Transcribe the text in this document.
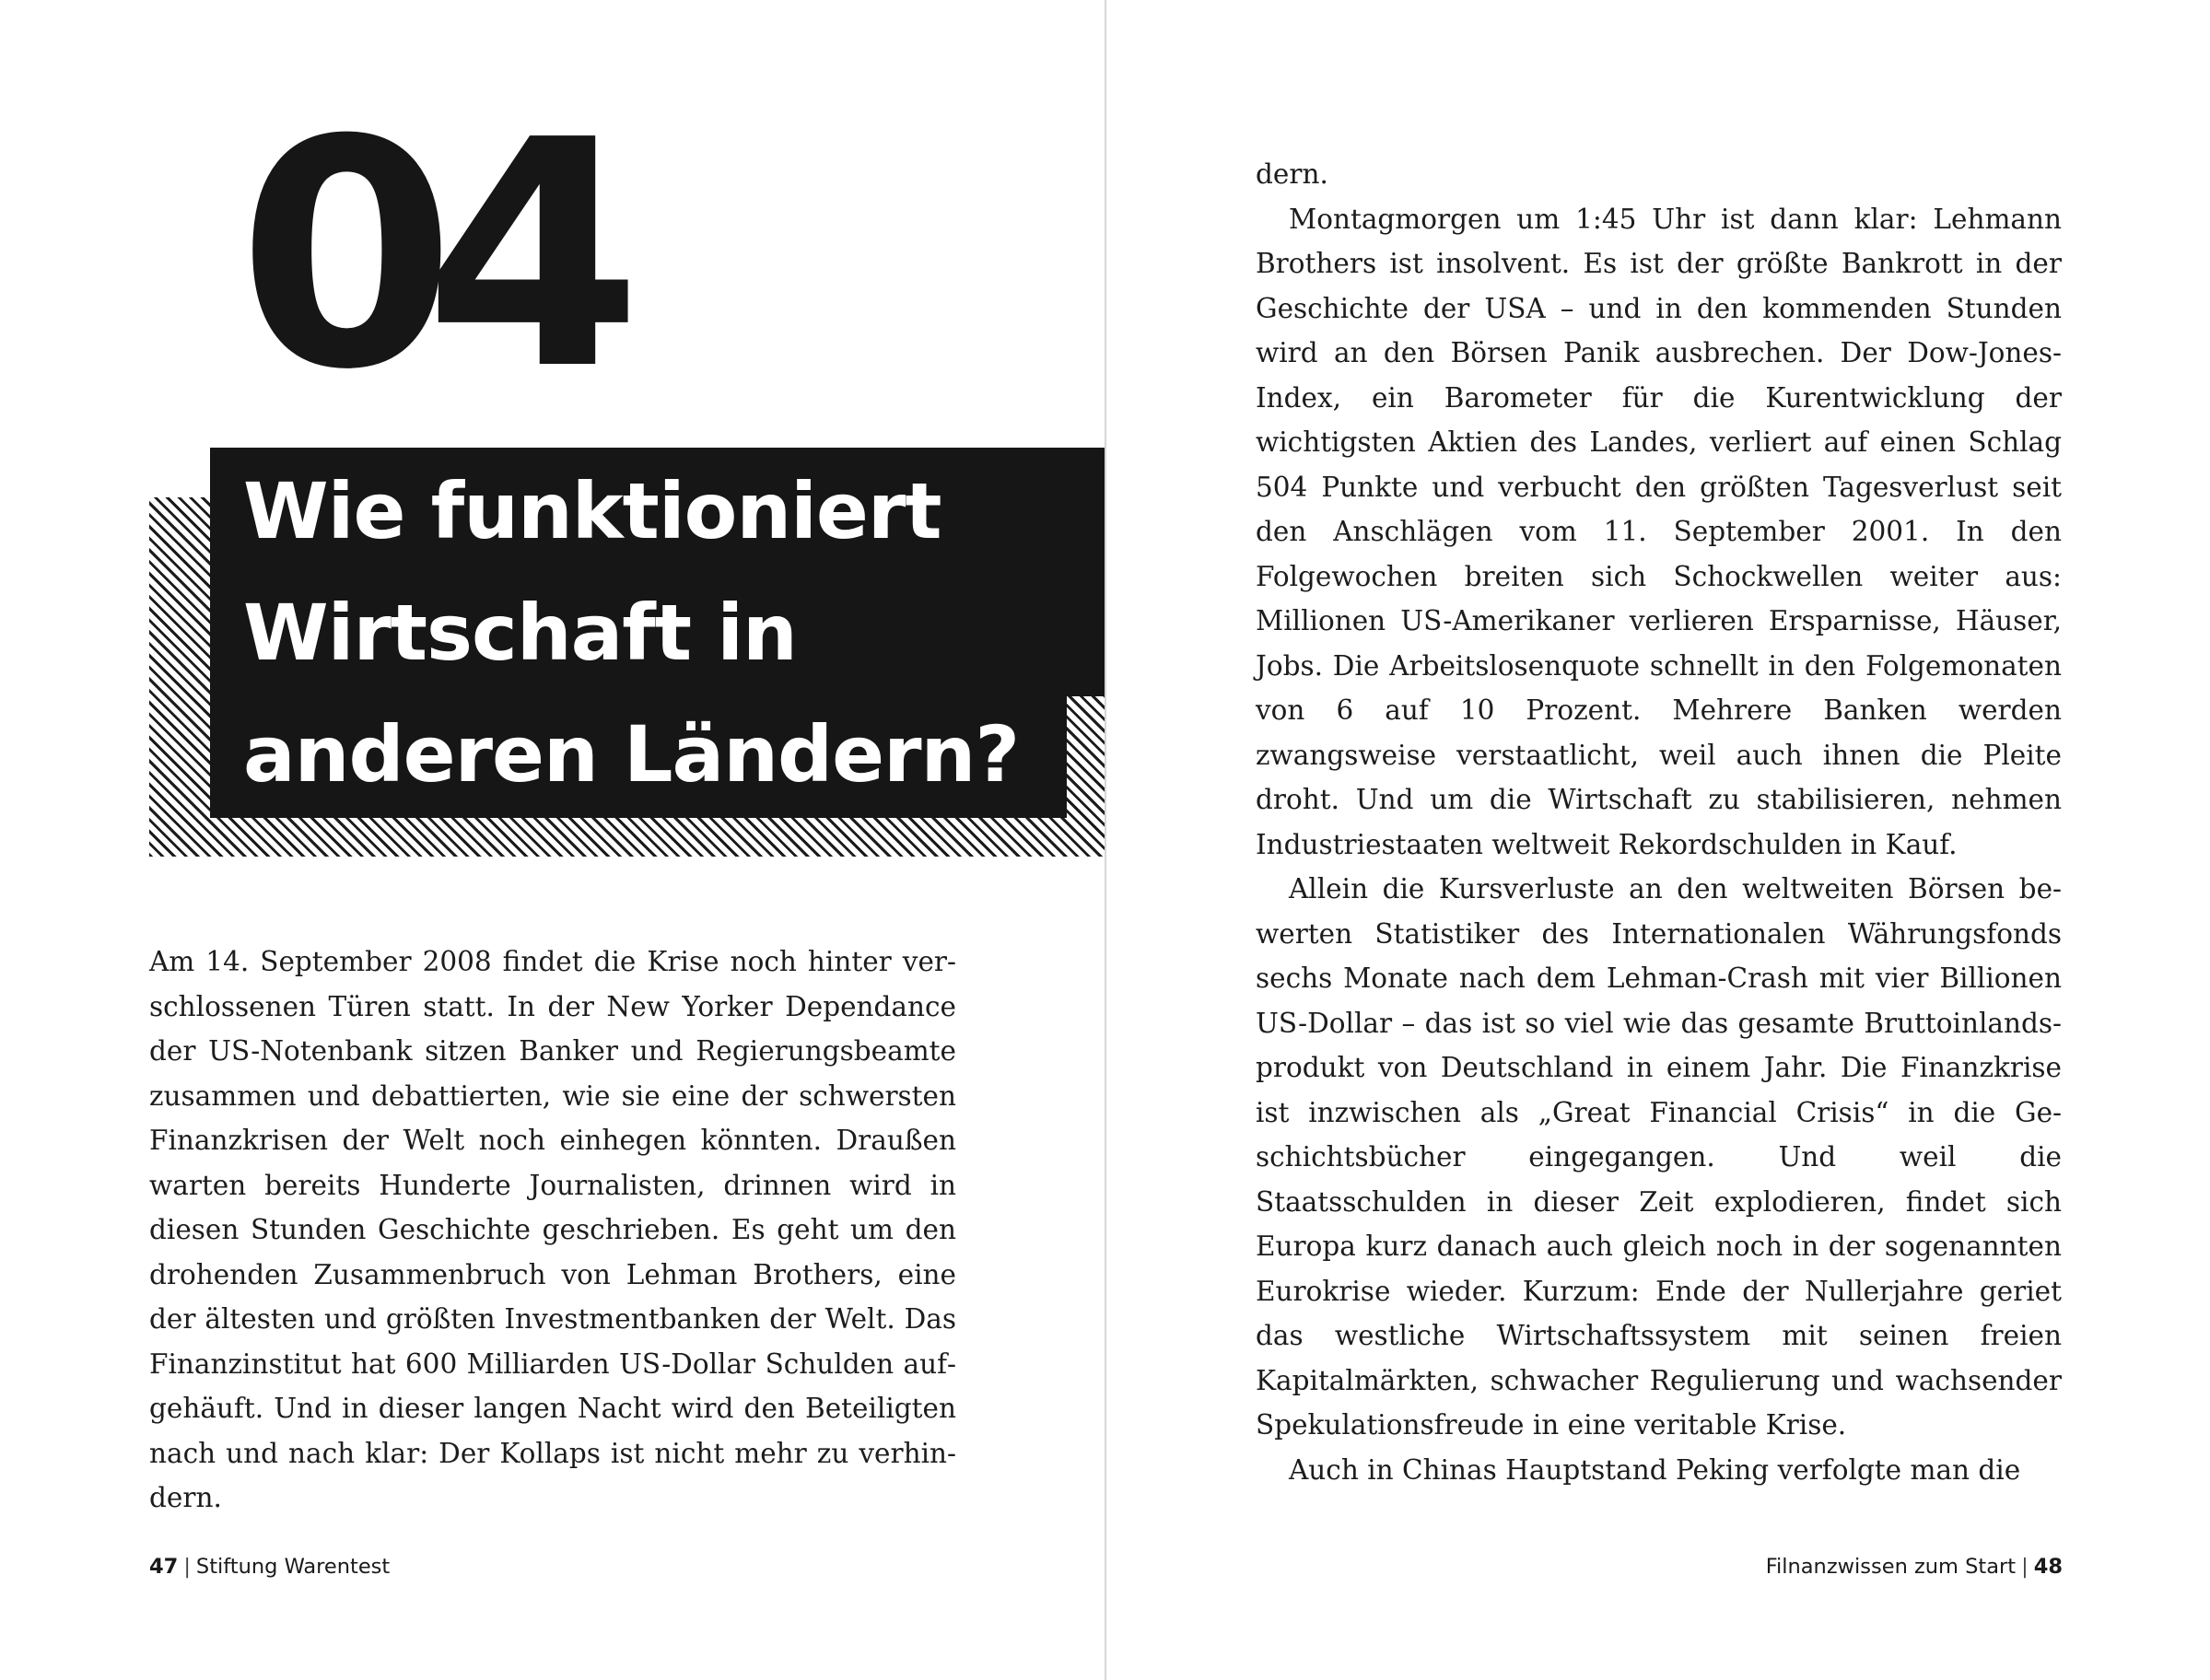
04
Wie funktioniert
Wirtschaft in
anderen Ländern?

Am 14. September 2008 findet die Krise noch hinter verschlossenen Türen statt. In der New Yorker Dependance der US-Notenbank sitzen Banker und Regierungsbeamte zusammen und debattierten, wie sie eine der schwersten Finanzkrisen der Welt noch einhegen könnten. Draußen warten bereits Hunderte Journalisten, drinnen wird in diesen Stunden Geschichte geschrieben. Es geht um den drohenden Zusammenbruch von Lehman Brothers, eine der ältesten und größten Investmentbanken der Welt. Das Finanzinstitut hat 600 Milliarden US-Dollar Schulden aufgehäuft. Und in dieser langen Nacht wird den Beteiligten nach und nach klar: Der Kollaps ist nicht mehr zu verhindern.

47 | Stiftung Warentest

dern.

Montagmorgen um 1:45 Uhr ist dann klar: Lehmann Brothers ist insolvent. Es ist der größte Bankrott in der Geschichte der USA – und in den kommenden Stunden wird an den Börsen Panik ausbrechen. Der Dow-Jones-Index, ein Barometer für die Kurentwicklung der wichtigsten Aktien des Landes, verliert auf einen Schlag 504 Punkte und verbucht den größten Tagesverlust seit den Anschlägen vom 11. September 2001. In den Folgewochen breiten sich Schockwellen weiter aus: Millionen US-Amerikaner verlieren Ersparnisse, Häuser, Jobs. Die Arbeitslosenquote schnellt in den Folgemonaten von 6 auf 10 Prozent. Mehrere Banken werden zwangsweise verstaatlicht, weil auch ihnen die Pleite droht. Und um die Wirtschaft zu stabilisieren, nehmen Industriestaaten weltweit Rekordschulden in Kauf.

Allein die Kursverluste an den weltweiten Börsen bewerten Statistiker des Internationalen Währungsfonds sechs Monate nach dem Lehman-Crash mit vier Billionen US-Dollar – das ist so viel wie das gesamte Bruttoinlandsprodukt von Deutschland in einem Jahr. Die Finanzkrise ist inzwischen als „Great Financial Crisis“ in die Geschichtsbücher eingegangen. Und weil die Staatsschulden in dieser Zeit explodieren, findet sich Europa kurz danach auch gleich noch in der sogenannten Eurokrise wieder. Kurzum: Ende der Nullerjahre geriet das westliche Wirtschaftssystem mit seinen freien Kapitalmärkten, schwacher Regulierung und wachsender Spekulationsfreude in eine veritable Krise.

Auch in Chinas Hauptstand Peking verfolgte man die

Filnanzwissen zum Start | 48
